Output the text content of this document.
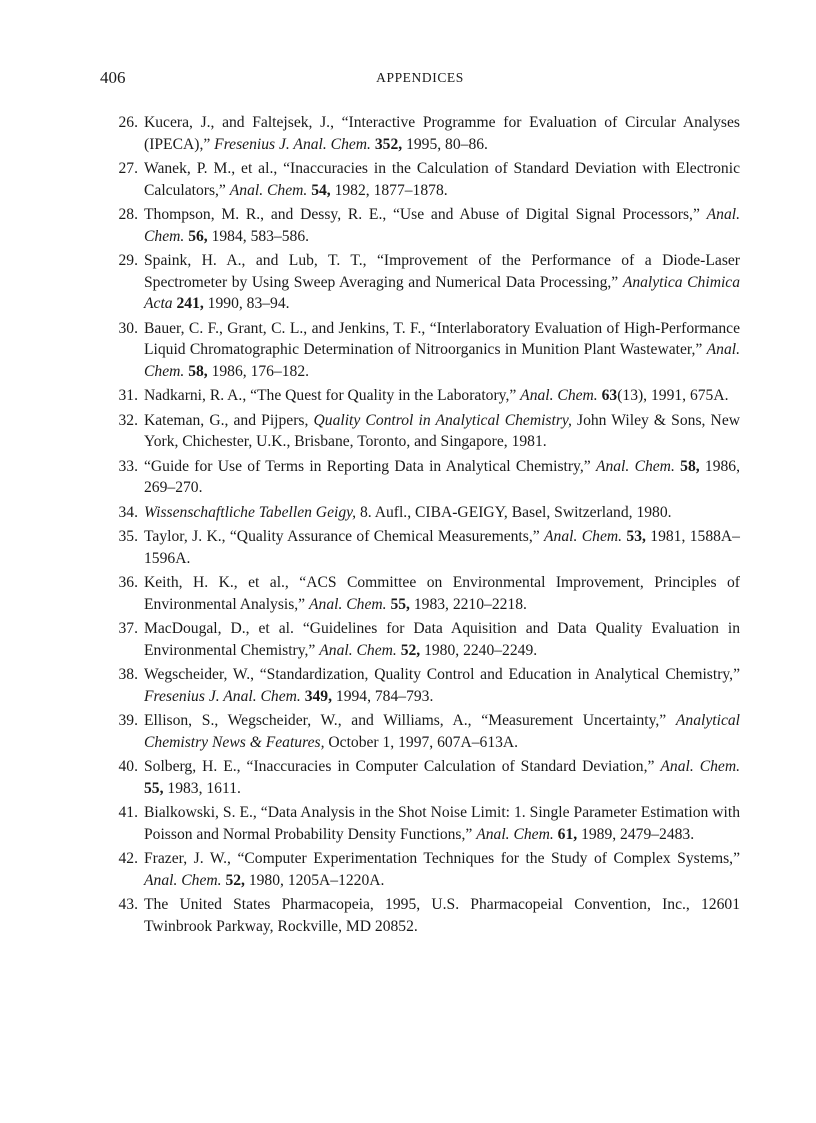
406	APPENDICES
26. Kucera, J., and Faltejsek, J., “Interactive Programme for Evaluation of Circular Analyses (IPECA),” Fresenius J. Anal. Chem. 352, 1995, 80–86.
27. Wanek, P. M., et al., “Inaccuracies in the Calculation of Standard Deviation with Electronic Calculators,” Anal. Chem. 54, 1982, 1877–1878.
28. Thompson, M. R., and Dessy, R. E., “Use and Abuse of Digital Signal Processors,” Anal. Chem. 56, 1984, 583–586.
29. Spaink, H. A., and Lub, T. T., “Improvement of the Performance of a Diode-Laser Spectrometer by Using Sweep Averaging and Numerical Data Processing,” Analytica Chimica Acta 241, 1990, 83–94.
30. Bauer, C. F., Grant, C. L., and Jenkins, T. F., “Interlaboratory Evaluation of High-Performance Liquid Chromatographic Determination of Nitroorganics in Munition Plant Wastewater,” Anal. Chem. 58, 1986, 176–182.
31. Nadkarni, R. A., “The Quest for Quality in the Laboratory,” Anal. Chem. 63(13), 1991, 675A.
32. Kateman, G., and Pijpers, Quality Control in Analytical Chemistry, John Wiley & Sons, New York, Chichester, U.K., Brisbane, Toronto, and Singapore, 1981.
33. “Guide for Use of Terms in Reporting Data in Analytical Chemistry,” Anal. Chem. 58, 1986, 269–270.
34. Wissenschaftliche Tabellen Geigy, 8. Aufl., CIBA-GEIGY, Basel, Switzerland, 1980.
35. Taylor, J. K., “Quality Assurance of Chemical Measurements,” Anal. Chem. 53, 1981, 1588A–1596A.
36. Keith, H. K., et al., “ACS Committee on Environmental Improvement, Principles of Environmental Analysis,” Anal. Chem. 55, 1983, 2210–2218.
37. MacDougal, D., et al. “Guidelines for Data Aquisition and Data Quality Evaluation in Environmental Chemistry,” Anal. Chem. 52, 1980, 2240–2249.
38. Wegscheider, W., “Standardization, Quality Control and Education in Analytical Chemistry,” Fresenius J. Anal. Chem. 349, 1994, 784–793.
39. Ellison, S., Wegscheider, W., and Williams, A., “Measurement Uncertainty,” Analytical Chemistry News & Features, October 1, 1997, 607A–613A.
40. Solberg, H. E., “Inaccuracies in Computer Calculation of Standard Deviation,” Anal. Chem. 55, 1983, 1611.
41. Bialkowski, S. E., “Data Analysis in the Shot Noise Limit: 1. Single Parameter Estimation with Poisson and Normal Probability Density Functions,” Anal. Chem. 61, 1989, 2479–2483.
42. Frazer, J. W., “Computer Experimentation Techniques for the Study of Complex Systems,” Anal. Chem. 52, 1980, 1205A–1220A.
43. The United States Pharmacopeia, 1995, U.S. Pharmacopeial Convention, Inc., 12601 Twinbrook Parkway, Rockville, MD 20852.
